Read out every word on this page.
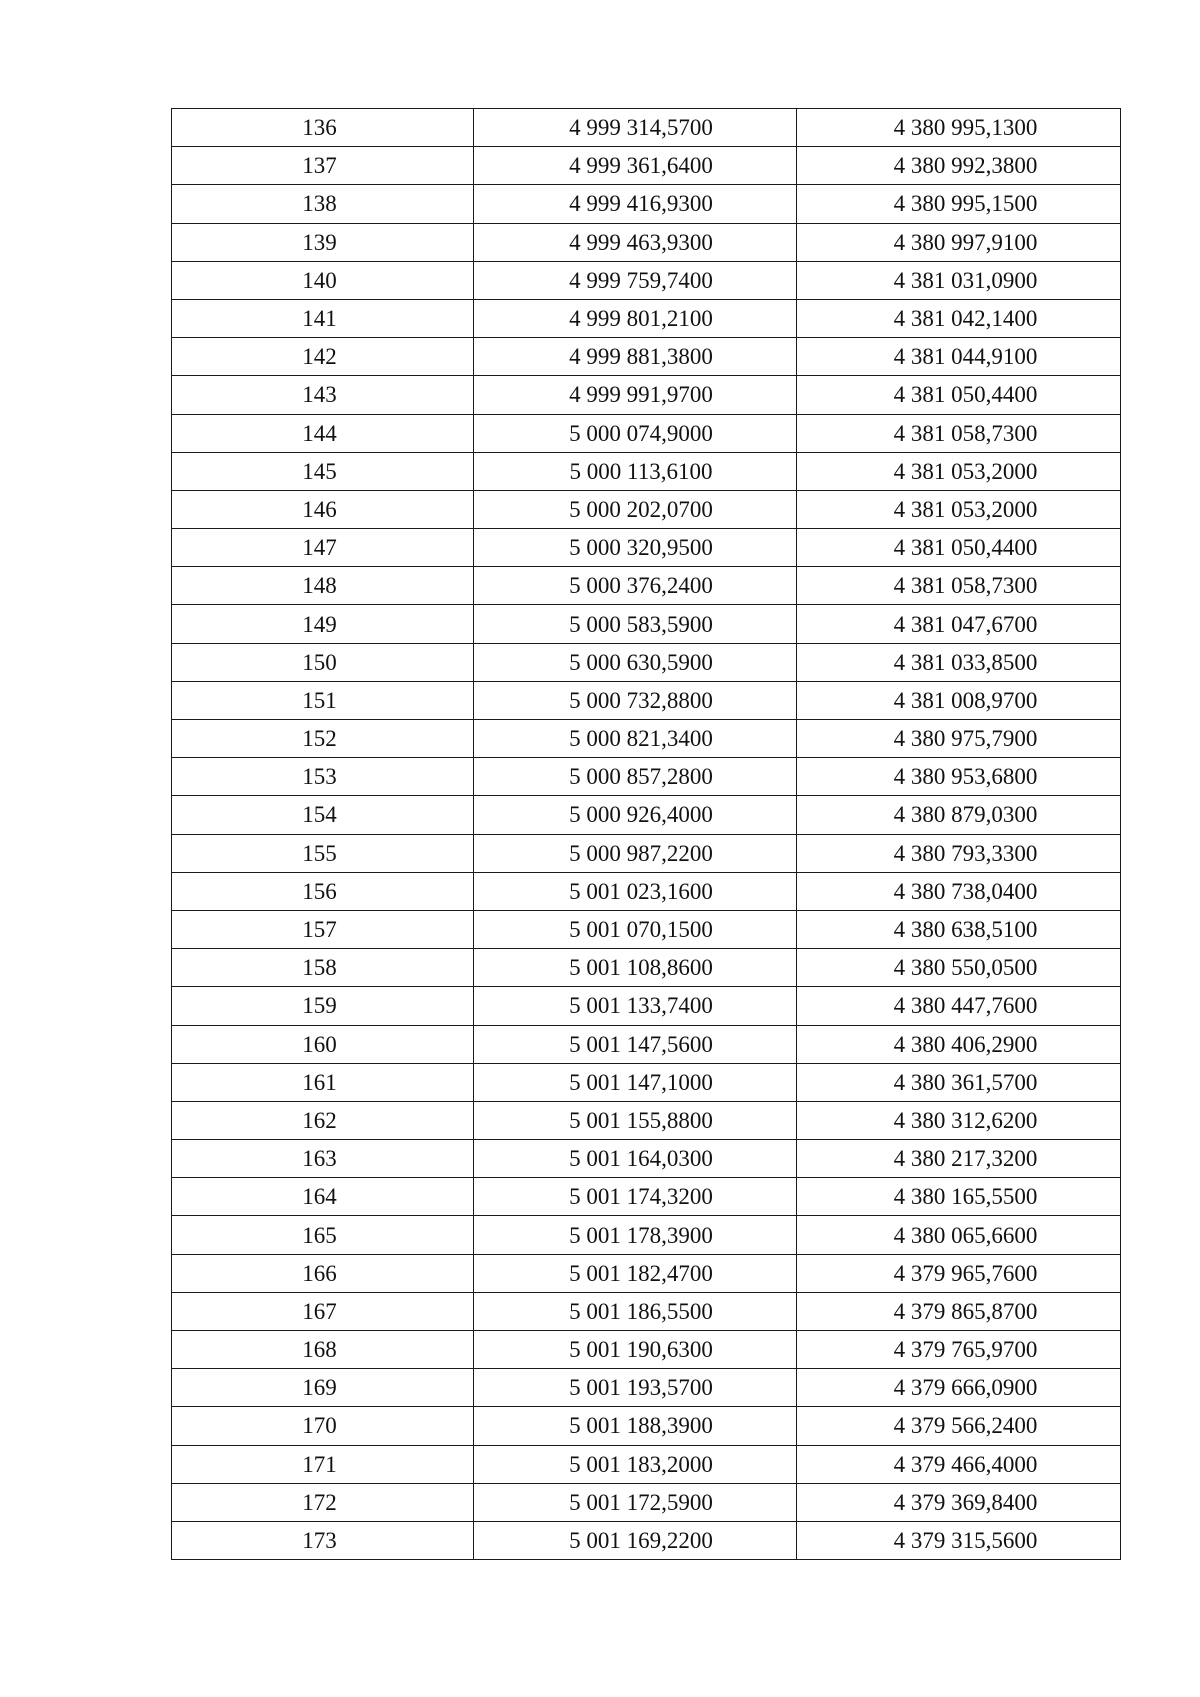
136	4 999 314,5700	4 380 995,1300
137	4 999 361,6400	4 380 992,3800
138	4 999 416,9300	4 380 995,1500
139	4 999 463,9300	4 380 997,9100
140	4 999 759,7400	4 381 031,0900
141	4 999 801,2100	4 381 042,1400
142	4 999 881,3800	4 381 044,9100
143	4 999 991,9700	4 381 050,4400
144	5 000 074,9000	4 381 058,7300
145	5 000 113,6100	4 381 053,2000
146	5 000 202,0700	4 381 053,2000
147	5 000 320,9500	4 381 050,4400
148	5 000 376,2400	4 381 058,7300
149	5 000 583,5900	4 381 047,6700
150	5 000 630,5900	4 381 033,8500
151	5 000 732,8800	4 381 008,9700
152	5 000 821,3400	4 380 975,7900
153	5 000 857,2800	4 380 953,6800
154	5 000 926,4000	4 380 879,0300
155	5 000 987,2200	4 380 793,3300
156	5 001 023,1600	4 380 738,0400
157	5 001 070,1500	4 380 638,5100
158	5 001 108,8600	4 380 550,0500
159	5 001 133,7400	4 380 447,7600
160	5 001 147,5600	4 380 406,2900
161	5 001 147,1000	4 380 361,5700
162	5 001 155,8800	4 380 312,6200
163	5 001 164,0300	4 380 217,3200
164	5 001 174,3200	4 380 165,5500
165	5 001 178,3900	4 380 065,6600
166	5 001 182,4700	4 379 965,7600
167	5 001 186,5500	4 379 865,8700
168	5 001 190,6300	4 379 765,9700
169	5 001 193,5700	4 379 666,0900
170	5 001 188,3900	4 379 566,2400
171	5 001 183,2000	4 379 466,4000
172	5 001 172,5900	4 379 369,8400
173	5 001 169,2200	4 379 315,5600
